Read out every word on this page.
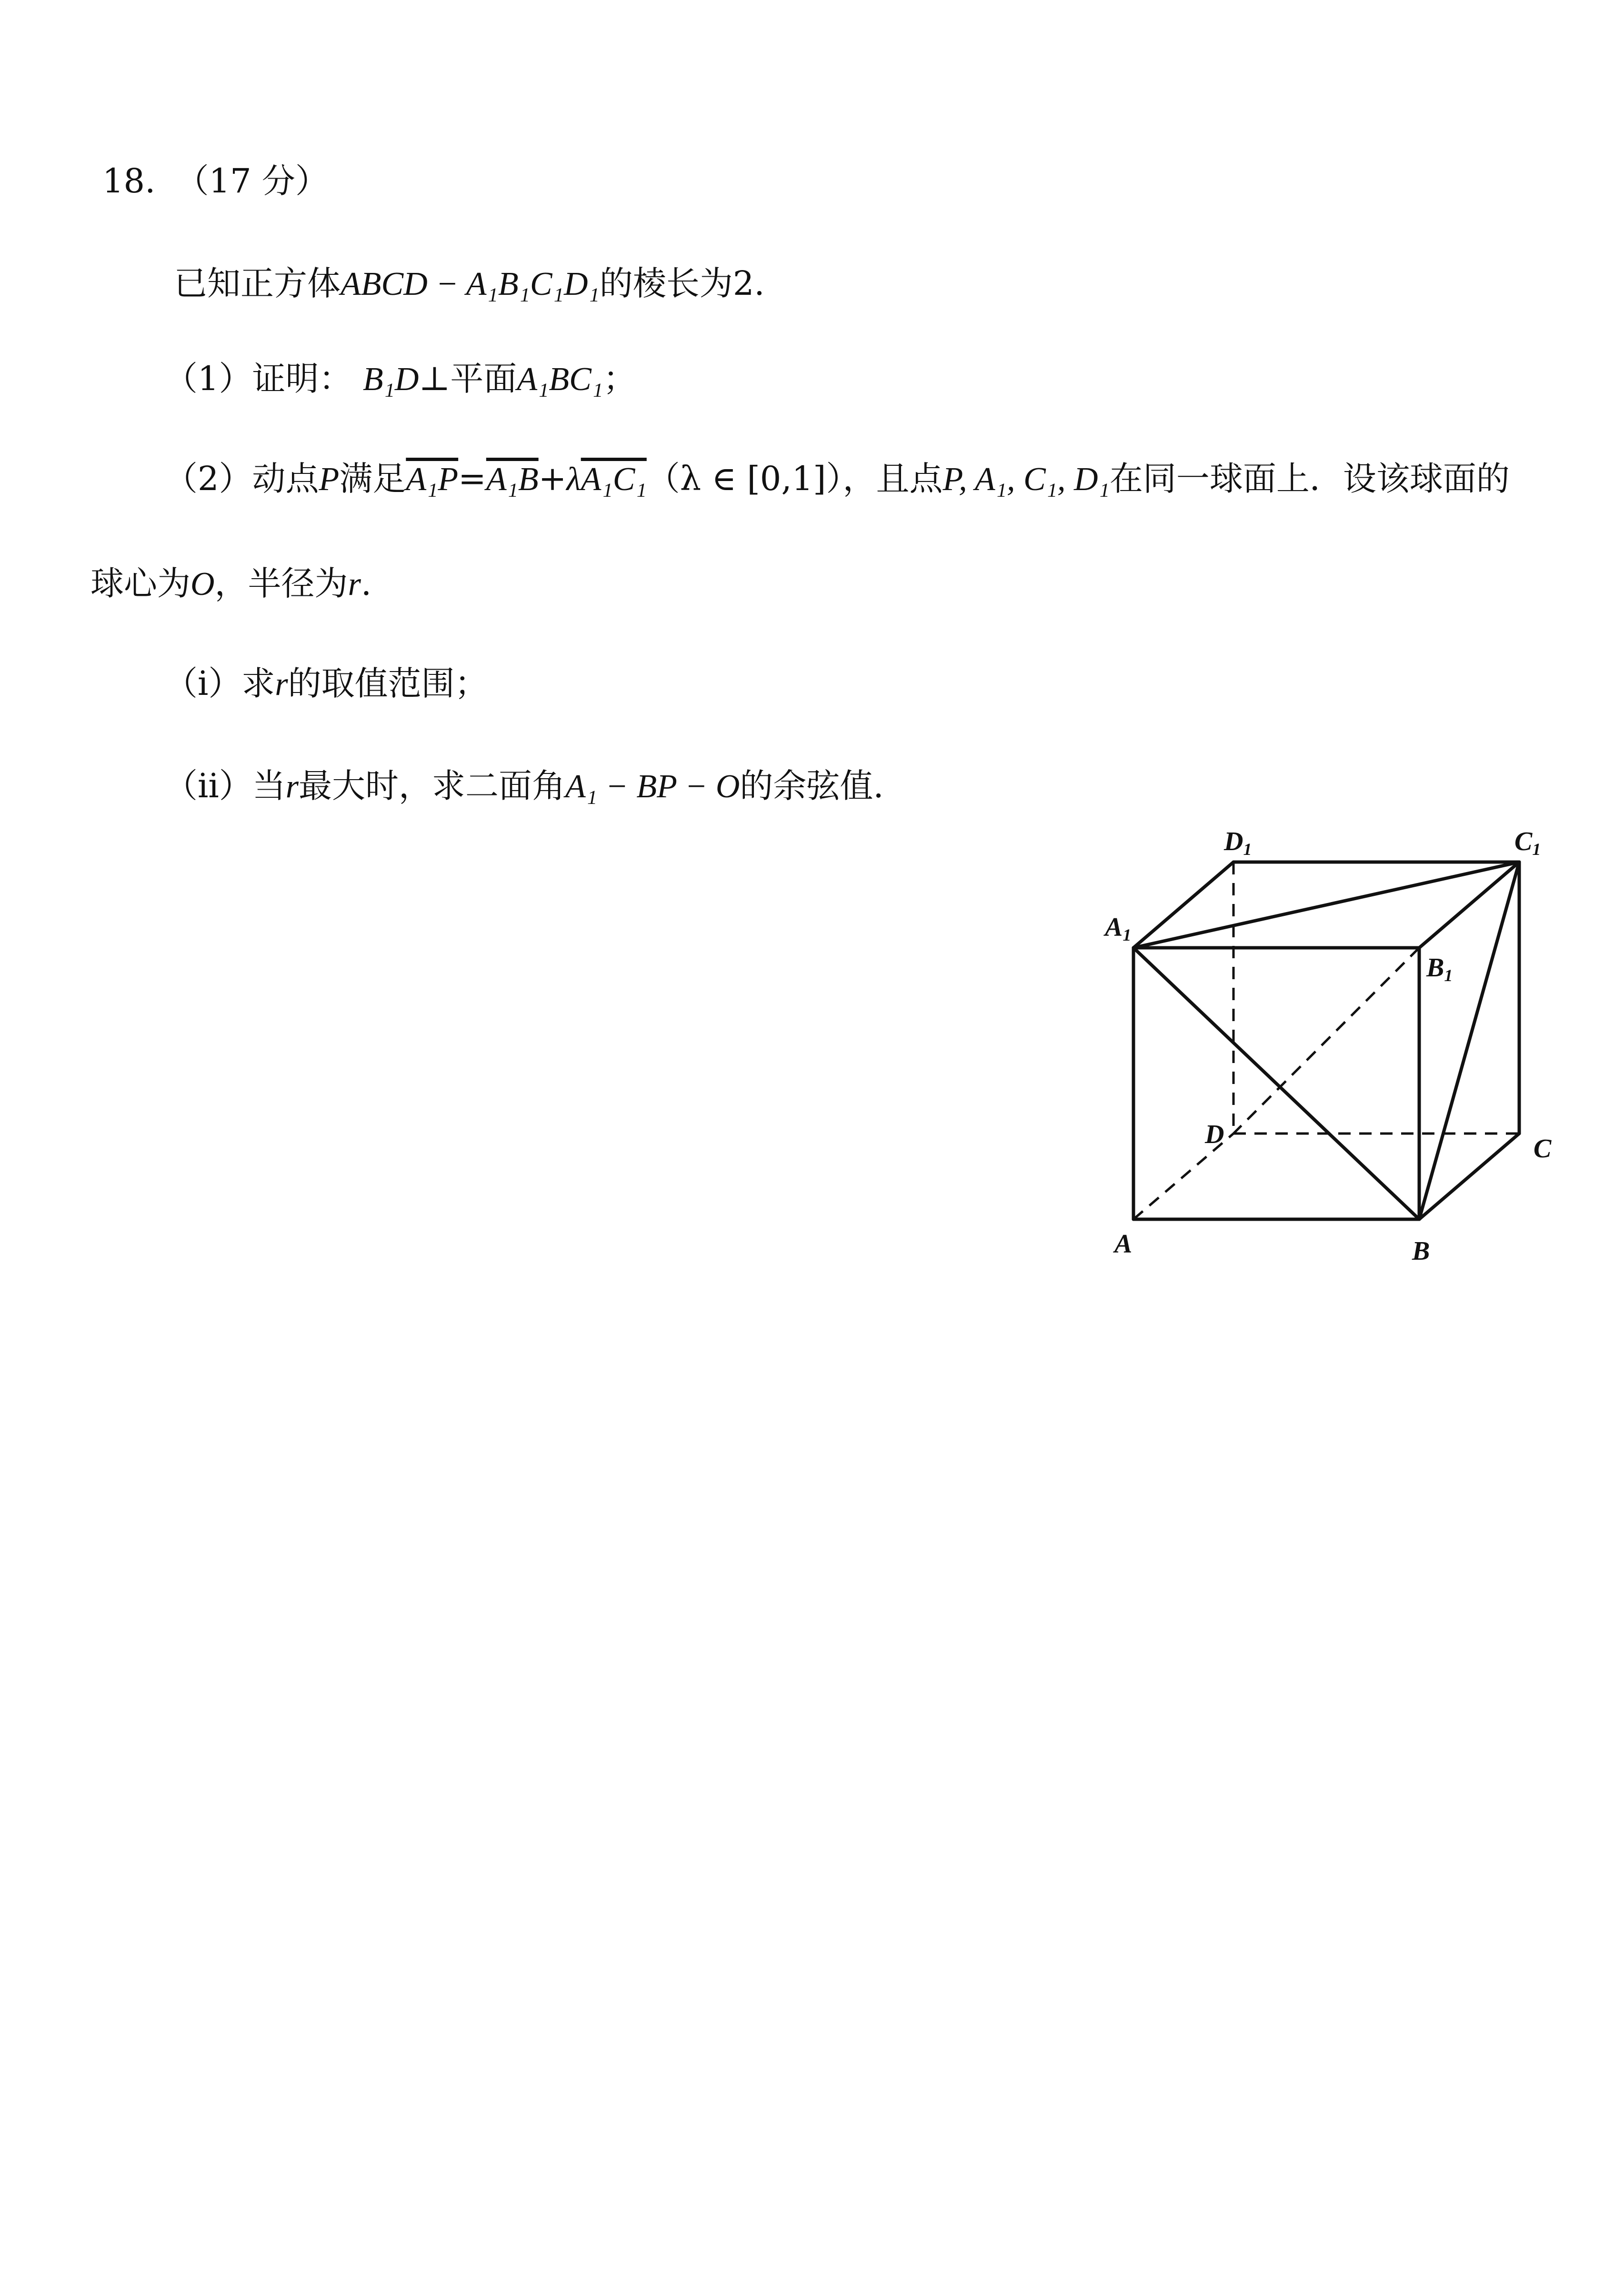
18. （17 分）
已知正方体ABCD − A₁B₁C₁D₁的棱长为2.
（1）证明： B₁D⊥平面A₁BC₁；
（2）动点P满足A₁P=A₁B+λA₁C₁（λ ∈ [0,1]），且点P, A₁, C₁, D₁在同一球面上．设该球面的
球心为O，半径为r.
（i）求r的取值范围；
（ii）当r最大时，求二面角A₁ − BP − O的余弦值.
D1	C1
A1
B1
D	C
A	B
